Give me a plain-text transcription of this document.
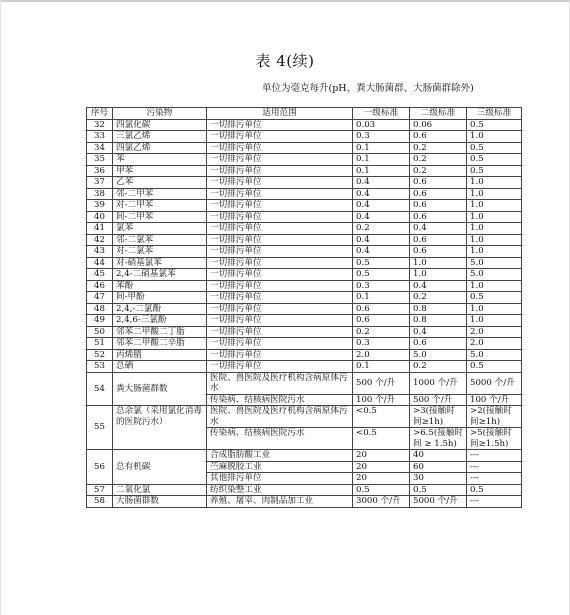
表 4(续)
单位为毫克每升(pH、粪大肠菌群、大肠菌群除外)
序号	污染物	适用范围	一级标准	二级标准	三级标准
32	四氯化碳	一切排污单位	0.03	0.06	0.5
33	三氯乙烯	一切排污单位	0.3	0.6	1.0
34	四氯乙烯	一切排污单位	0.1	0.2	0.5
35	苯	一切排污单位	0.1	0.2	0.5
36	甲苯	一切排污单位	0.1	0.2	0.5
37	乙苯	一切排污单位	0.4	0.6	1.0
38	邻-二甲苯	一切排污单位	0.4	0.6	1.0
39	对-二甲苯	一切排污单位	0.4	0.6	1.0
40	间-二甲苯	一切排污单位	0.4	0.6	1.0
41	氯苯	一切排污单位	0.2	0.4	1.0
42	邻-二氯苯	一切排污单位	0.4	0.6	1.0
43	对-二氯苯	一切排污单位	0.4	0.6	1.0
44	对-硝基氯苯	一切排污单位	0.5	1.0	5.0
45	2,4-二硝基氯苯	一切排污单位	0.5	1.0	5.0
46	苯酚	一切排污单位	0.3	0.4	1.0
47	间-甲酚	一切排污单位	0.1	0.2	0.5
48	2,4,-二氯酚	一切排污单位	0.6	0.8	1.0
49	2,4,6-三氯酚	一切排污单位	0.6	0.8	1.0
50	邻苯二甲酸二丁脂	一切排污单位	0.2	0.4	2.0
51	邻苯二甲酸二辛脂	一切排污单位	0.3	0.6	2.0
52	丙烯腈	一切排污单位	2.0	5.0	5.0
53	总硒	一切排污单位	0.1	0.2	0.5
54	粪大肠菌群数	医院、兽医院及医疗机构含病原体污水	500 个/升	1000 个/升	5000 个/升
		传染病、结核病医院污水	100 个/升	500 个/升	100 个/升
55	总余氯（采用氯化消毒的医院污水）	医院、兽医院及医疗机构含病原体污水	<0.5	>3(接触时间≥1h)	>2(接触时间≥1h)
		传染病、结核病医院污水	<0.5	>6.5(接触时 间 ≥ 1.5h)	>5(接触时间≥1.5h)
56	总有机碳	合成脂肪酸工业	20	40	---
		苎麻脱胶工业	20	60	---
		其他排污单位	20	30	---
57	二氧化氯	纺织染整工业	0.5	0.5	0.5
58	大肠菌群数	养殖、屠宰、肉制品加工业	3000 个/升	5000 个/升	---
